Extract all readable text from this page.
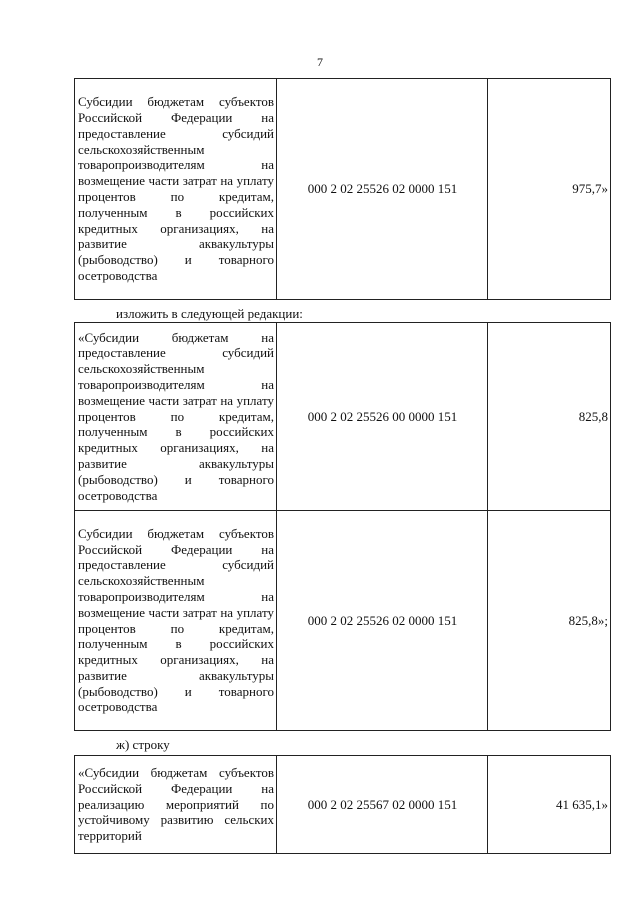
7
Субсидии бюджетам субъектов Российской Федерации на предоставление субсидий сельскохозяйственным товаропроизводителям на возмещение части затрат на уплату процентов по кредитам, полученным в российских кредитных организациях, на развитие аквакультуры (рыбоводство) и товарного осетроводства	000 2 02 25526 02 0000 151	975,7»
изложить в следующей редакции:
«Субсидии бюджетам на предоставление субсидий сельскохозяйственным товаропроизводителям на возмещение части затрат на уплату процентов по кредитам, полученным в российских кредитных организациях, на развитие аквакультуры (рыбоводство) и товарного осетроводства	000 2 02 25526 00 0000 151	825,8
Субсидии бюджетам субъектов Российской Федерации на предоставление субсидий сельскохозяйственным товаропроизводителям на возмещение части затрат на уплату процентов по кредитам, полученным в российских кредитных организациях, на развитие аквакультуры (рыбоводство) и товарного осетроводства	000 2 02 25526 02 0000 151	825,8»;
ж) строку
«Субсидии бюджетам субъектов Российской Федерации на реализацию мероприятий по устойчивому развитию сельских территорий	000 2 02 25567 02 0000 151	41 635,1»
